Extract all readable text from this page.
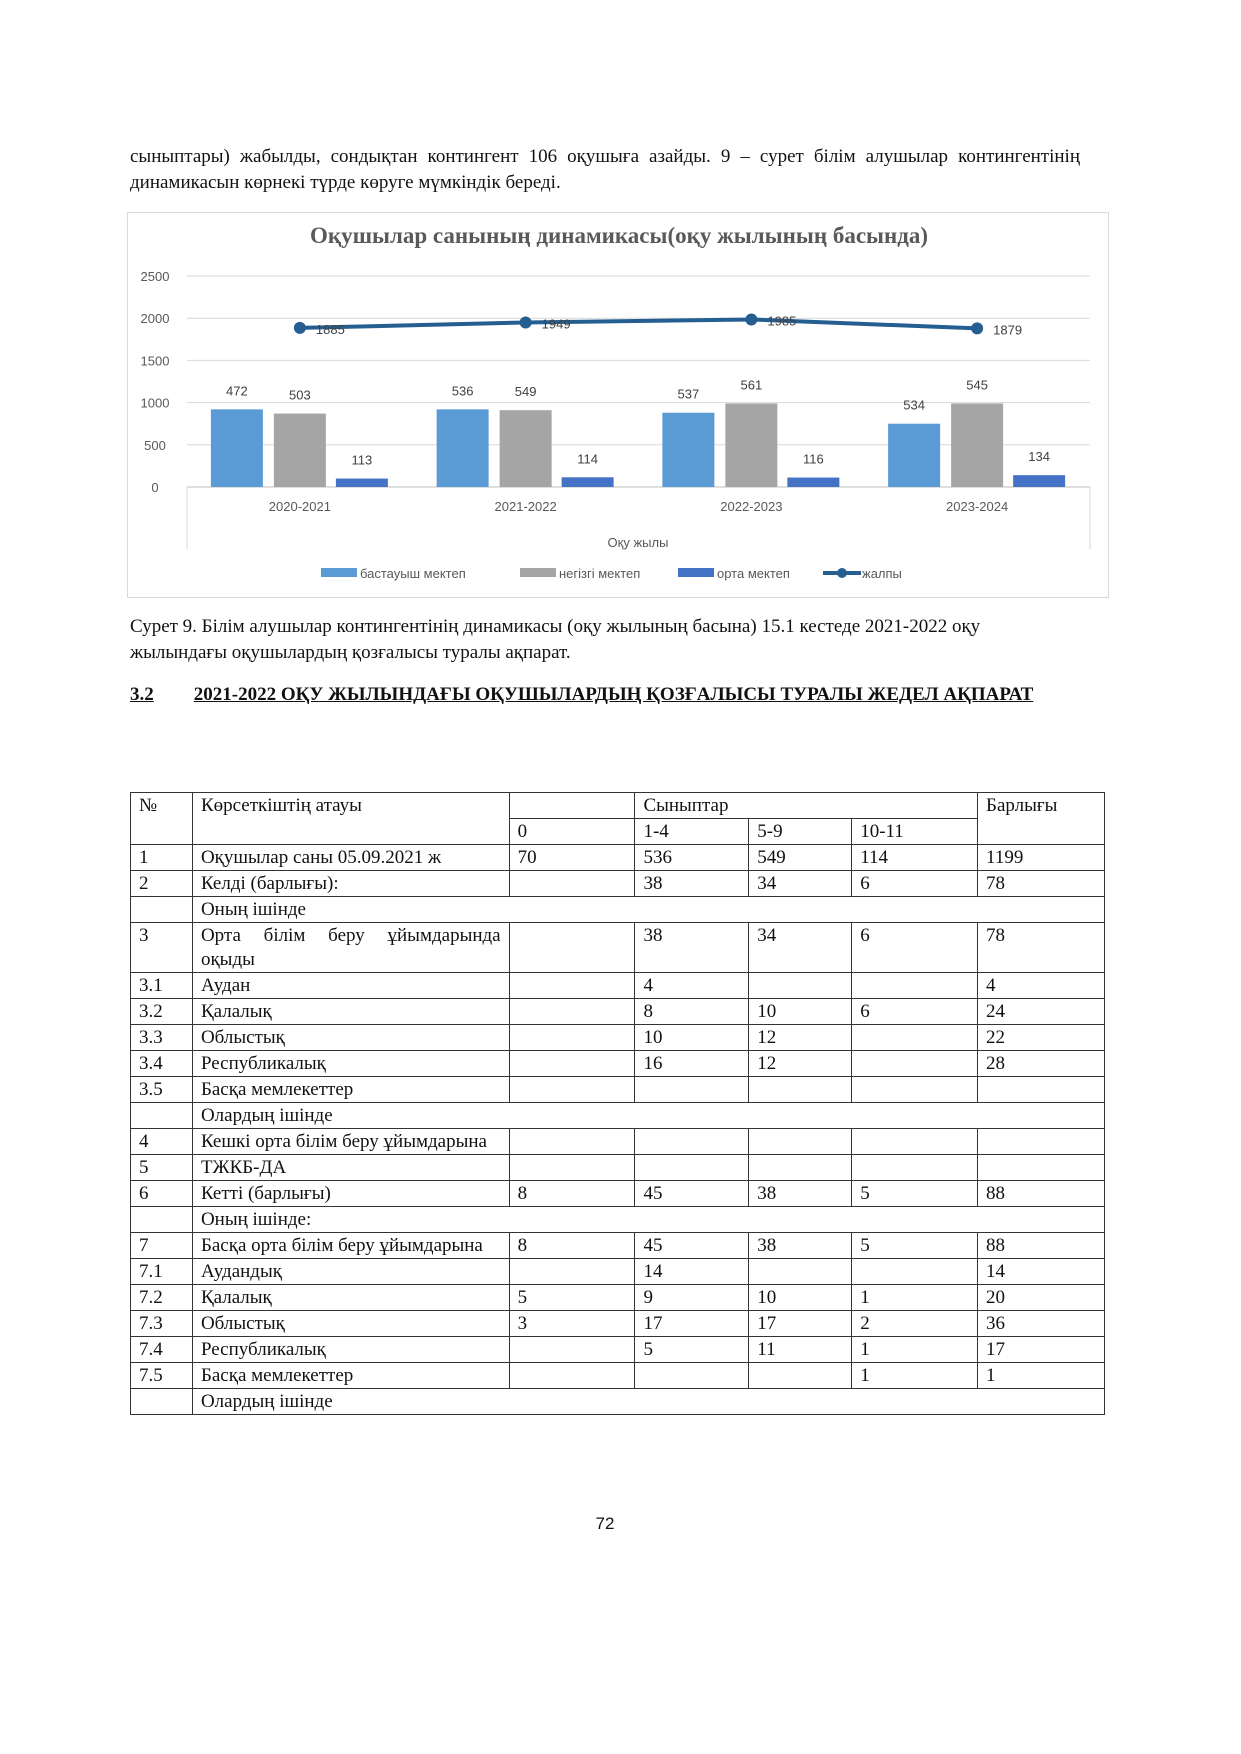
сыныптары) жабылды, сондықтан контингент 106 оқушыға азайды. 9 – сурет білім алушылар контингентінің динамикасын көрнекі түрде көруге мүмкіндік береді.
Оқушылар санының динамикасы(оқу жылының басында)
0
500
1000
1500
2000
2500
2020-2021
472	503
113
2021-2022
536	549
114
2022-2023
537
561
116
2023-2024
534
545
134
Оқу жылы
1885	1949	1985
1879
бастауыш мектеп	негізгі мектеп	орта мектеп	жалпы
Сурет 9. Білім алушылар контингентінің динамикасы (оқу жылының басына) 15.1 кестеде 2021-2022 оқу жылындағы оқушылардың қозғалысы туралы ақпарат.
3.2 2021-2022 ОҚУ ЖЫЛЫНДАҒЫ ОҚУШЫЛАРДЫҢ ҚОЗҒАЛЫСЫ ТУРАЛЫ ЖЕДЕЛ АҚПАРАТ
№	Көрсеткіштің атауы		Сыныптар			Барлығы
		0	1-4	5-9	10-11	
1	Оқушылар саны 05.09.2021 ж	70	536	549	114	1199
2	Келді (барлығы):		38	34	6	78
	Оның ішінде					
3	Орта білім беру ұйымдарында оқыды		38	34	6	78
3.1	Аудан		4			4
3.2	Қалалық		8	10	6	24
3.3	Облыстық		10	12		22
3.4	Республикалық		16	12		28
3.5	Басқа мемлекеттер					
	Олардың ішінде					
4	Кешкі орта білім беру ұйымдарына					
5	ТЖКБ-ДА					
6	Кетті (барлығы)	8	45	38	5	88
	Оның ішінде:					
7	Басқа орта білім беру ұйымдарына	8	45	38	5	88
7.1	Аудандық		14			14
7.2	Қалалық	5	9	10	1	20
7.3	Облыстық	3	17	17	2	36
7.4	Республикалық		5	11	1	17
7.5	Басқа мемлекеттер				1	1
	Олардың ішінде					
72
